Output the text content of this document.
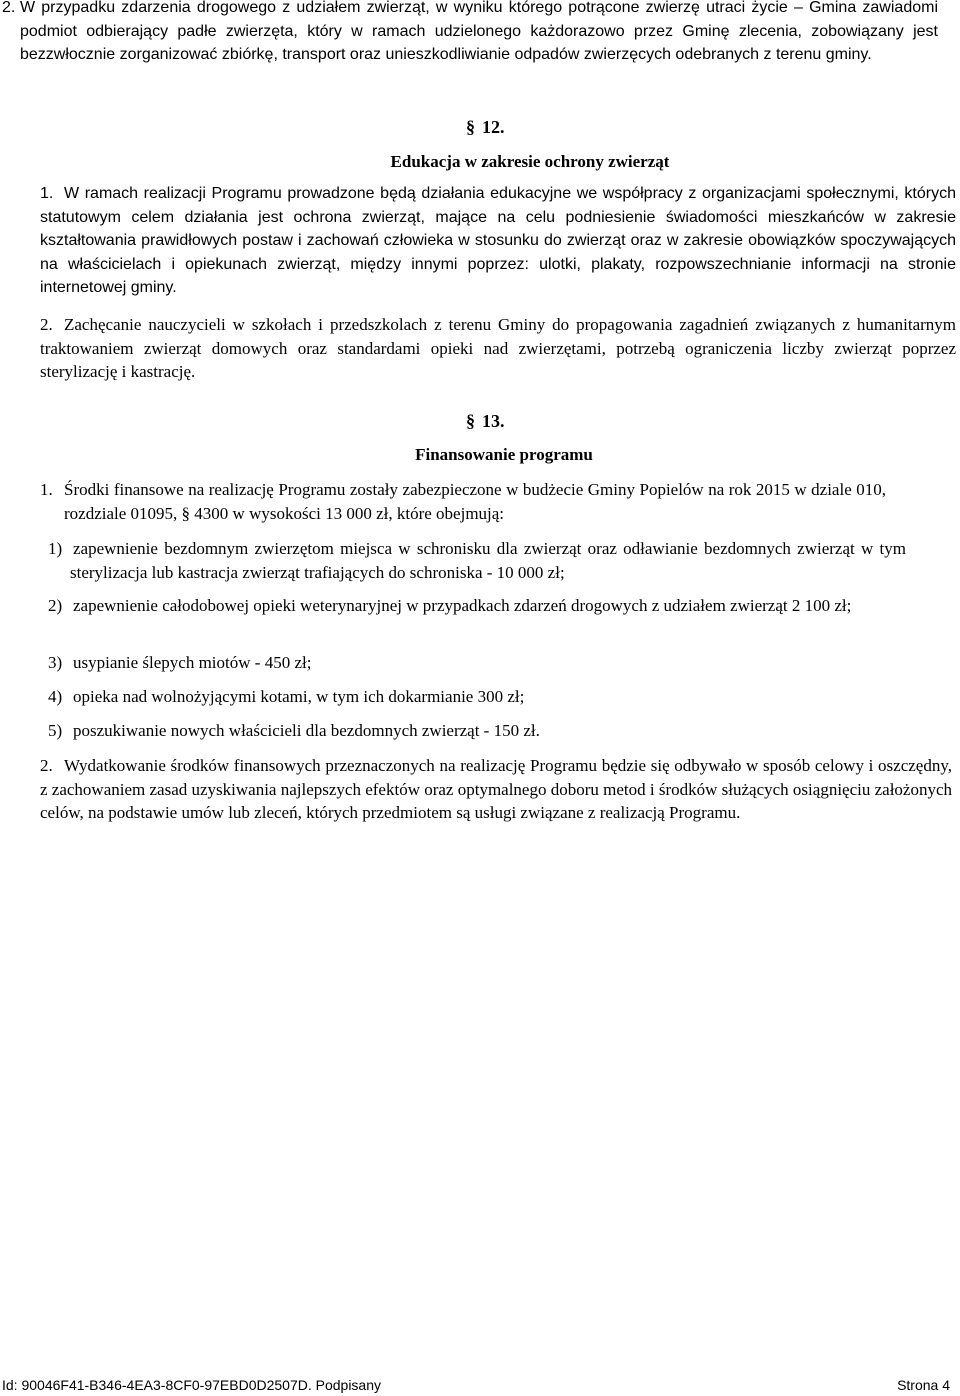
2. W przypadku zdarzenia drogowego z udziałem zwierząt, w wyniku którego potrącone zwierzę utraci życie – Gmina zawiadomi podmiot odbierający padłe zwierzęta, który w ramach udzielonego każdorazowo przez Gminę zlecenia, zobowiązany jest bezzwłocznie zorganizować zbiórkę, transport oraz unieszkodliwianie odpadów zwierzęcych odebranych z terenu gminy.
§ 12.
Edukacja w zakresie ochrony zwierząt
1. W ramach realizacji Programu prowadzone będą działania edukacyjne we współpracy z organizacjami społecznymi, których statutowym celem działania jest ochrona zwierząt, mające na celu podniesienie świadomości mieszkańców w zakresie kształtowania prawidłowych postaw i zachowań człowieka w stosunku do zwierząt oraz w zakresie obowiązków spoczywających na właścicielach i opiekunach zwierząt, między innymi poprzez: ulotki, plakaty, rozpowszechnianie informacji na stronie internetowej gminy.
2. Zachęcanie nauczycieli w szkołach i przedszkolach z terenu Gminy do propagowania zagadnień związanych z humanitarnym traktowaniem zwierząt domowych oraz standardami opieki nad zwierzętami, potrzebą ograniczenia liczby zwierząt poprzez sterylizację i kastrację.
§ 13.
Finansowanie programu
1. Środki finansowe na realizację Programu zostały zabezpieczone w budżecie Gminy Popielów na rok 2015 w dziale 010, rozdziale 01095, § 4300 w wysokości 13 000 zł, które obejmują:
1) zapewnienie bezdomnym zwierzętom miejsca w schronisku dla zwierząt oraz odławianie bezdomnych zwierząt w tym sterylizacja lub kastracja zwierząt trafiających do schroniska - 10 000 zł;
2) zapewnienie całodobowej opieki weterynaryjnej w przypadkach zdarzeń drogowych z udziałem zwierząt 2 100 zł;
3) usypianie ślepych miotów - 450 zł;
4) opieka nad wolnożyjącymi kotami, w tym ich dokarmianie 300 zł;
5) poszukiwanie nowych właścicieli dla bezdomnych zwierząt - 150 zł.
2. Wydatkowanie środków finansowych przeznaczonych na realizację Programu będzie się odbywało w sposób celowy i oszczędny, z zachowaniem zasad uzyskiwania najlepszych efektów oraz optymalnego doboru metod i środków służących osiągnięciu założonych celów, na podstawie umów lub zleceń, których przedmiotem są usługi związane z realizacją Programu.
Id: 90046F41-B346-4EA3-8CF0-97EBD0D2507D. Podpisany	Strona 4
